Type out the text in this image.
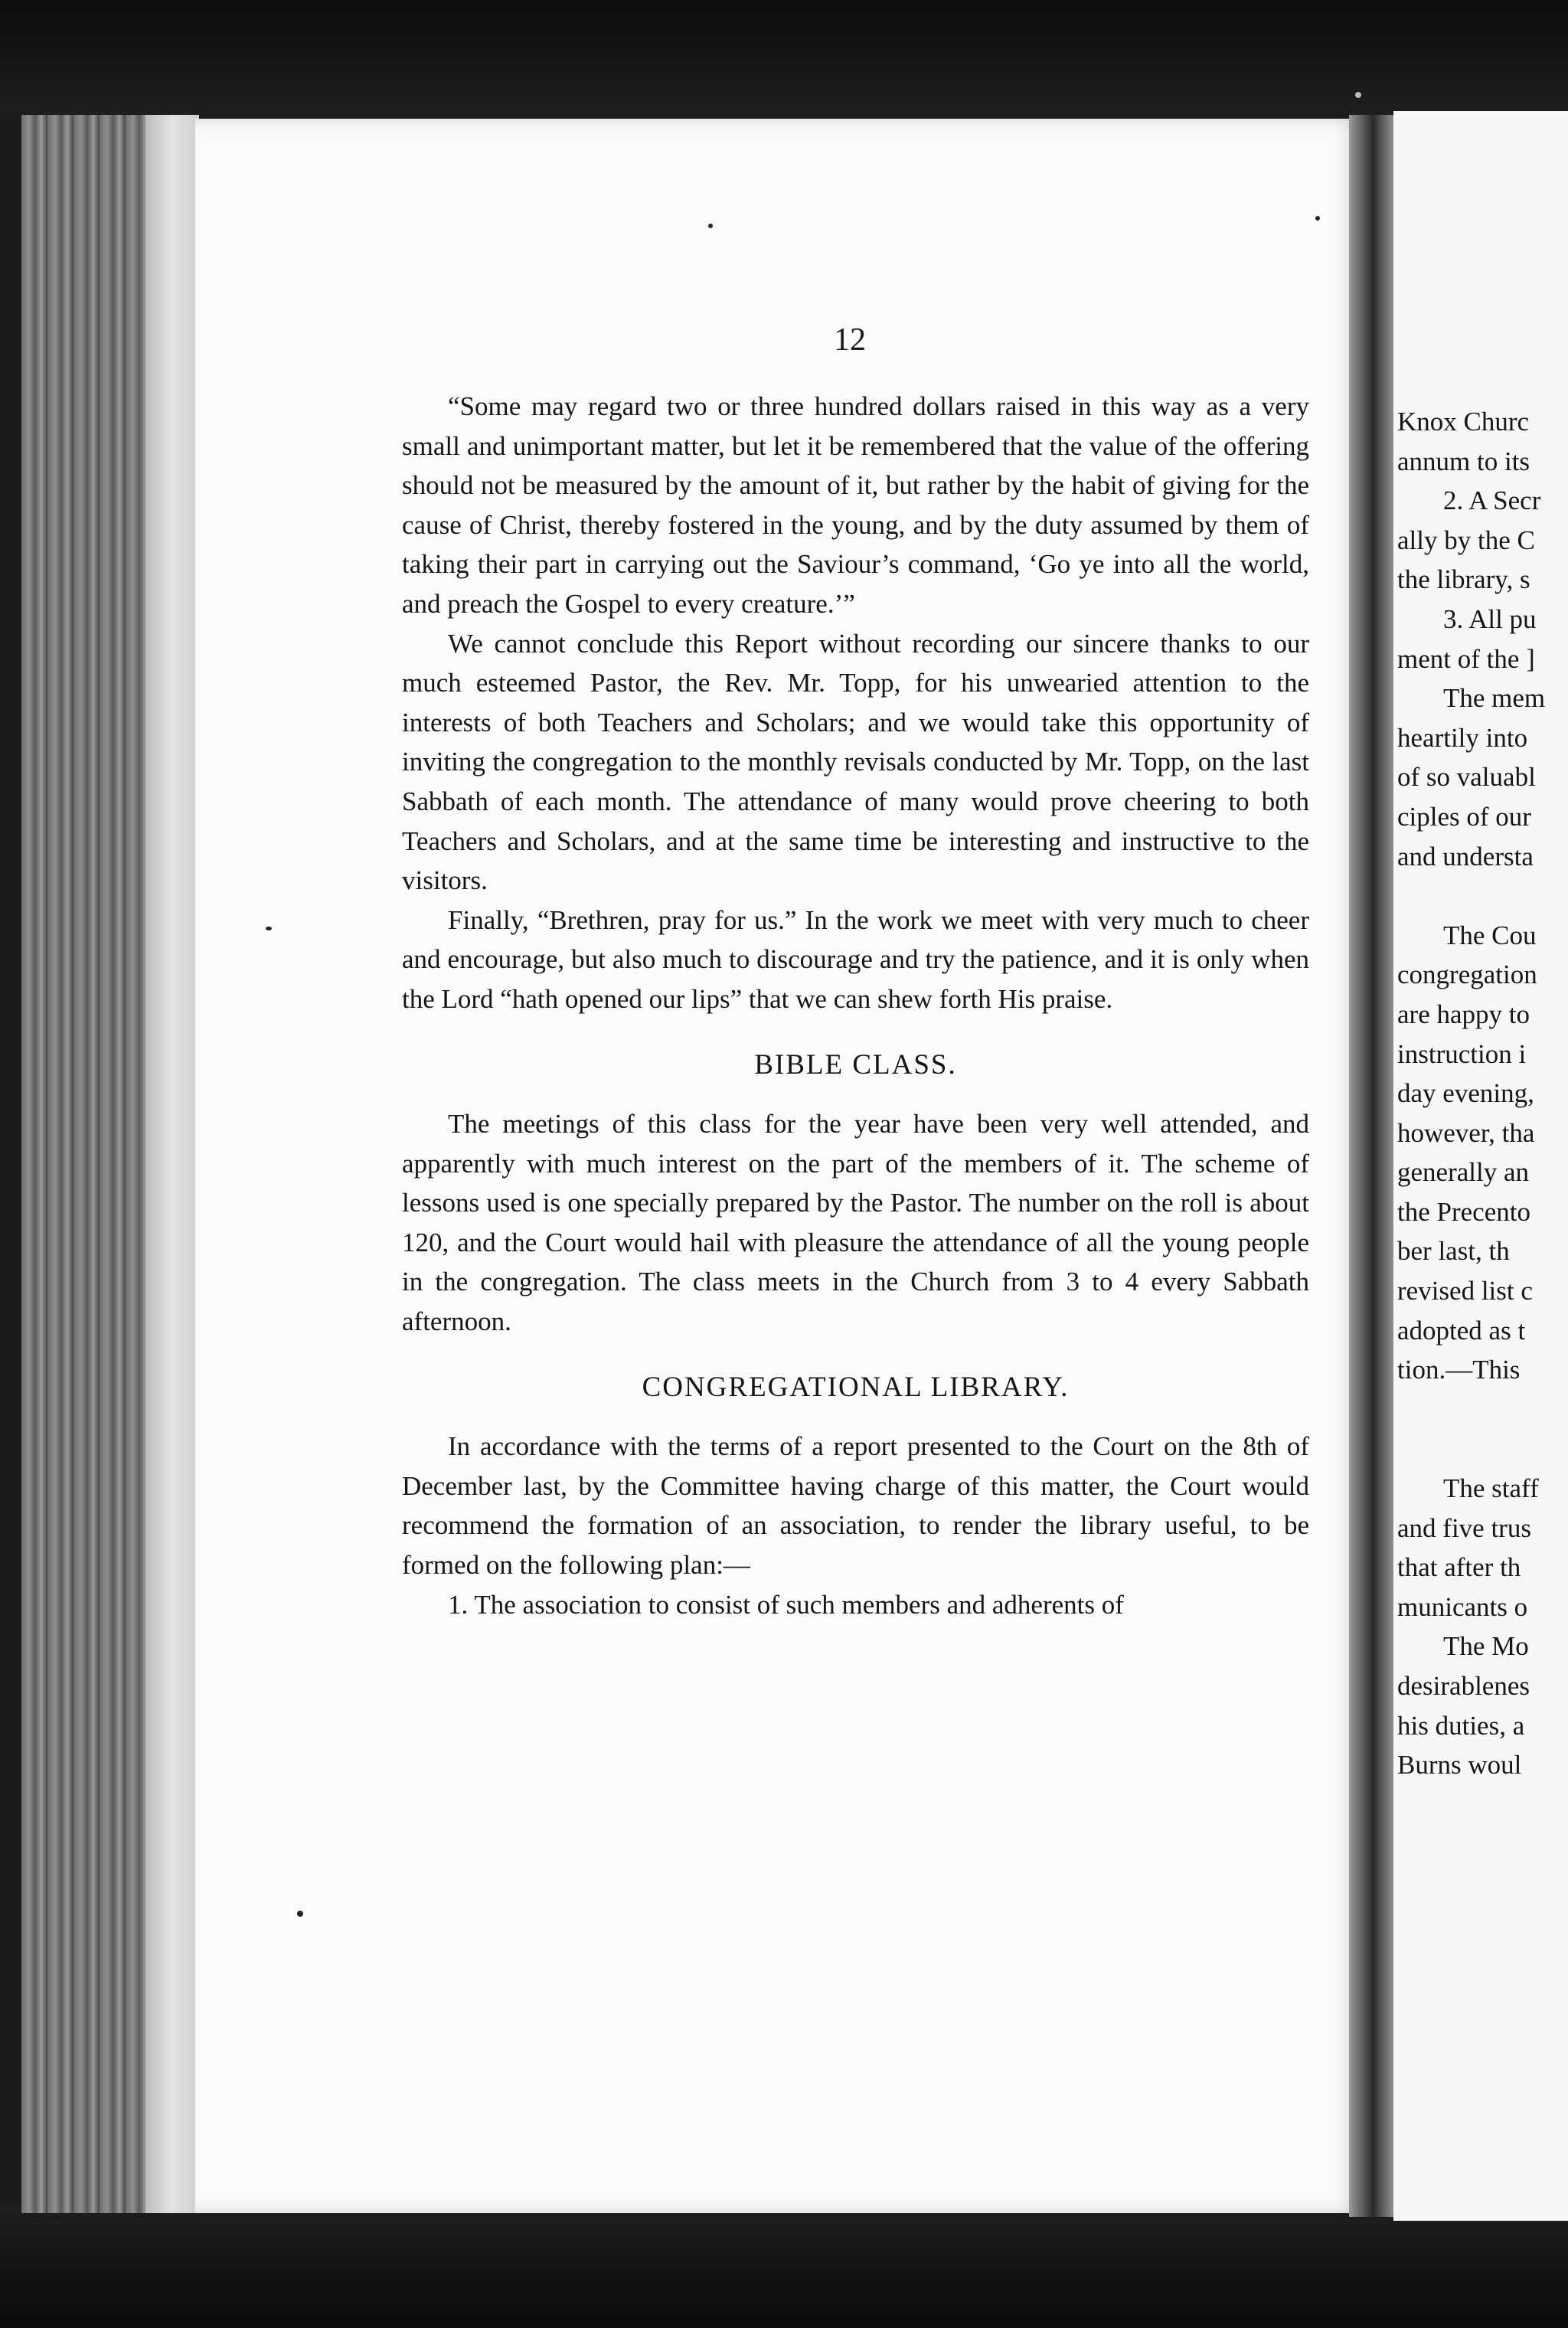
12

“Some may regard two or three hundred dollars raised in this way as a very small and unimportant matter, but let it be remembered that the value of the offering should not be measured by the amount of it, but rather by the habit of giving for the cause of Christ, thereby fostered in the young, and by the duty assumed by them of taking their part in carrying out the Saviour’s command, ‘Go ye into all the world, and preach the Gospel to every creature.’”

We cannot conclude this Report without recording our sincere thanks to our much esteemed Pastor, the Rev. Mr. Topp, for his unwearied attention to the interests of both Teachers and Scholars; and we would take this opportunity of inviting the congregation to the monthly revisals conducted by Mr. Topp, on the last Sabbath of each month. The attendance of many would prove cheering to both Teachers and Scholars, and at the same time be interesting and instructive to the visitors.

Finally, “Brethren, pray for us.” In the work we meet with very much to cheer and encourage, but also much to discourage and try the patience, and it is only when the Lord “hath opened our lips” that we can shew forth His praise.

BIBLE CLASS.

The meetings of this class for the year have been very well attended, and apparently with much interest on the part of the members of it. The scheme of lessons used is one specially prepared by the Pastor. The number on the roll is about 120, and the Court would hail with pleasure the attendance of all the young people in the congregation. The class meets in the Church from 3 to 4 every Sabbath afternoon.

CONGREGATIONAL LIBRARY.

In accordance with the terms of a report presented to the Court on the 8th of December last, by the Committee having charge of this matter, the Court would recommend the formation of an association, to render the library useful, to be formed on the following plan:—

1. The association to consist of such members and adherents of

Knox Churc
annum to its
2. A Secr
ally by the C
the library, s
3. All pu
ment of the ]
The mem
heartily into
of so valuabl
ciples of our
and understa
The Cou
congregation
are happy to
instruction i
day evening,
however, tha
generally an
the Precento
ber last, th
revised list c
adopted as t
tion.—This
The staff
and five trus
that after th
municants o
The Mo
desirablenes
his duties, a
Burns woul
